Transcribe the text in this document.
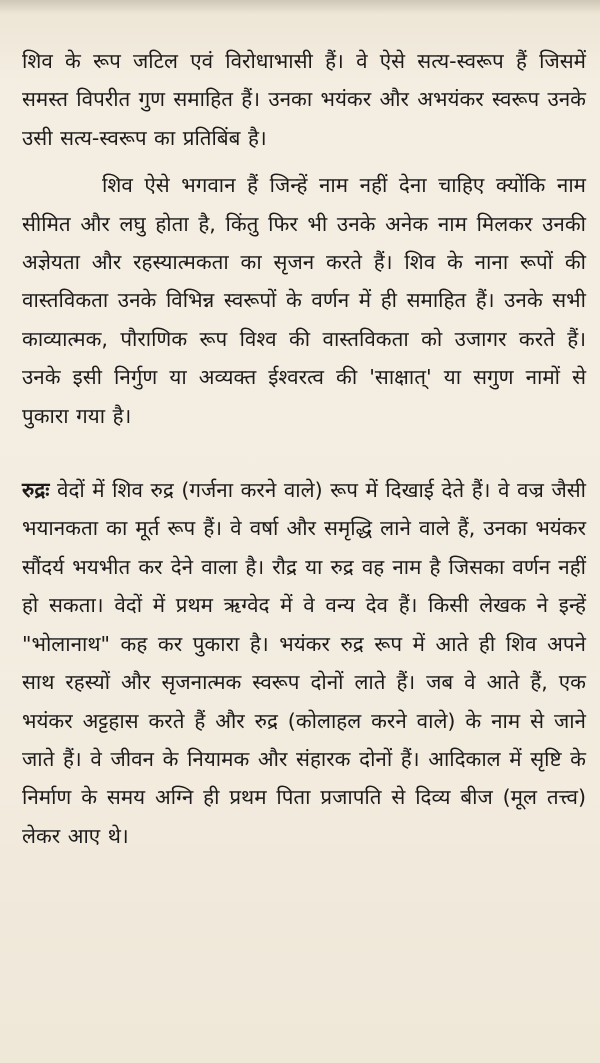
शिव के रूप जटिल एवं विरोधाभासी हैं। वे ऐसे सत्य-स्वरूप हैं जिसमें समस्त विपरीत गुण समाहित हैं। उनका भयंकर और अभयंकर स्वरूप उनके उसी सत्य-स्वरूप का प्रतिबिंब है।

शिव ऐसे भगवान हैं जिन्हें नाम नहीं देना चाहिए क्योंकि नाम सीमित और लघु होता है, किंतु फिर भी उनके अनेक नाम मिलकर उनकी अज्ञेयता और रहस्यात्मकता का सृजन करते हैं। शिव के नाना रूपों की वास्तविकता उनके विभिन्न स्वरूपों के वर्णन में ही समाहित हैं। उनके सभी काव्यात्मक, पौराणिक रूप विश्व की वास्तविकता को उजागर करते हैं। उनके इसी निर्गुण या अव्यक्त ईश्वरत्व की 'साक्षात्' या सगुण नामों से पुकारा गया है।

रुद्रः वेदों में शिव रुद्र (गर्जना करने वाले) रूप में दिखाई देते हैं। वे वज्र जैसी भयानकता का मूर्त रूप हैं। वे वर्षा और समृद्धि लाने वाले हैं, उनका भयंकर सौंदर्य भयभीत कर देने वाला है। रौद्र या रुद्र वह नाम है जिसका वर्णन नहीं हो सकता। वेदों में प्रथम ऋग्वेद में वे वन्य देव हैं। किसी लेखक ने इन्हें "भोलानाथ" कह कर पुकारा है। भयंकर रुद्र रूप में आते ही शिव अपने साथ रहस्यों और सृजनात्मक स्वरूप दोनों लाते हैं। जब वे आते हैं, एक भयंकर अट्टहास करते हैं और रुद्र (कोलाहल करने वाले) के नाम से जाने जाते हैं। वे जीवन के नियामक और संहारक दोनों हैं। आदिकाल में सृष्टि के निर्माण के समय अग्नि ही प्रथम पिता प्रजापति से दिव्य बीज (मूल तत्त्व) लेकर आए थे।
